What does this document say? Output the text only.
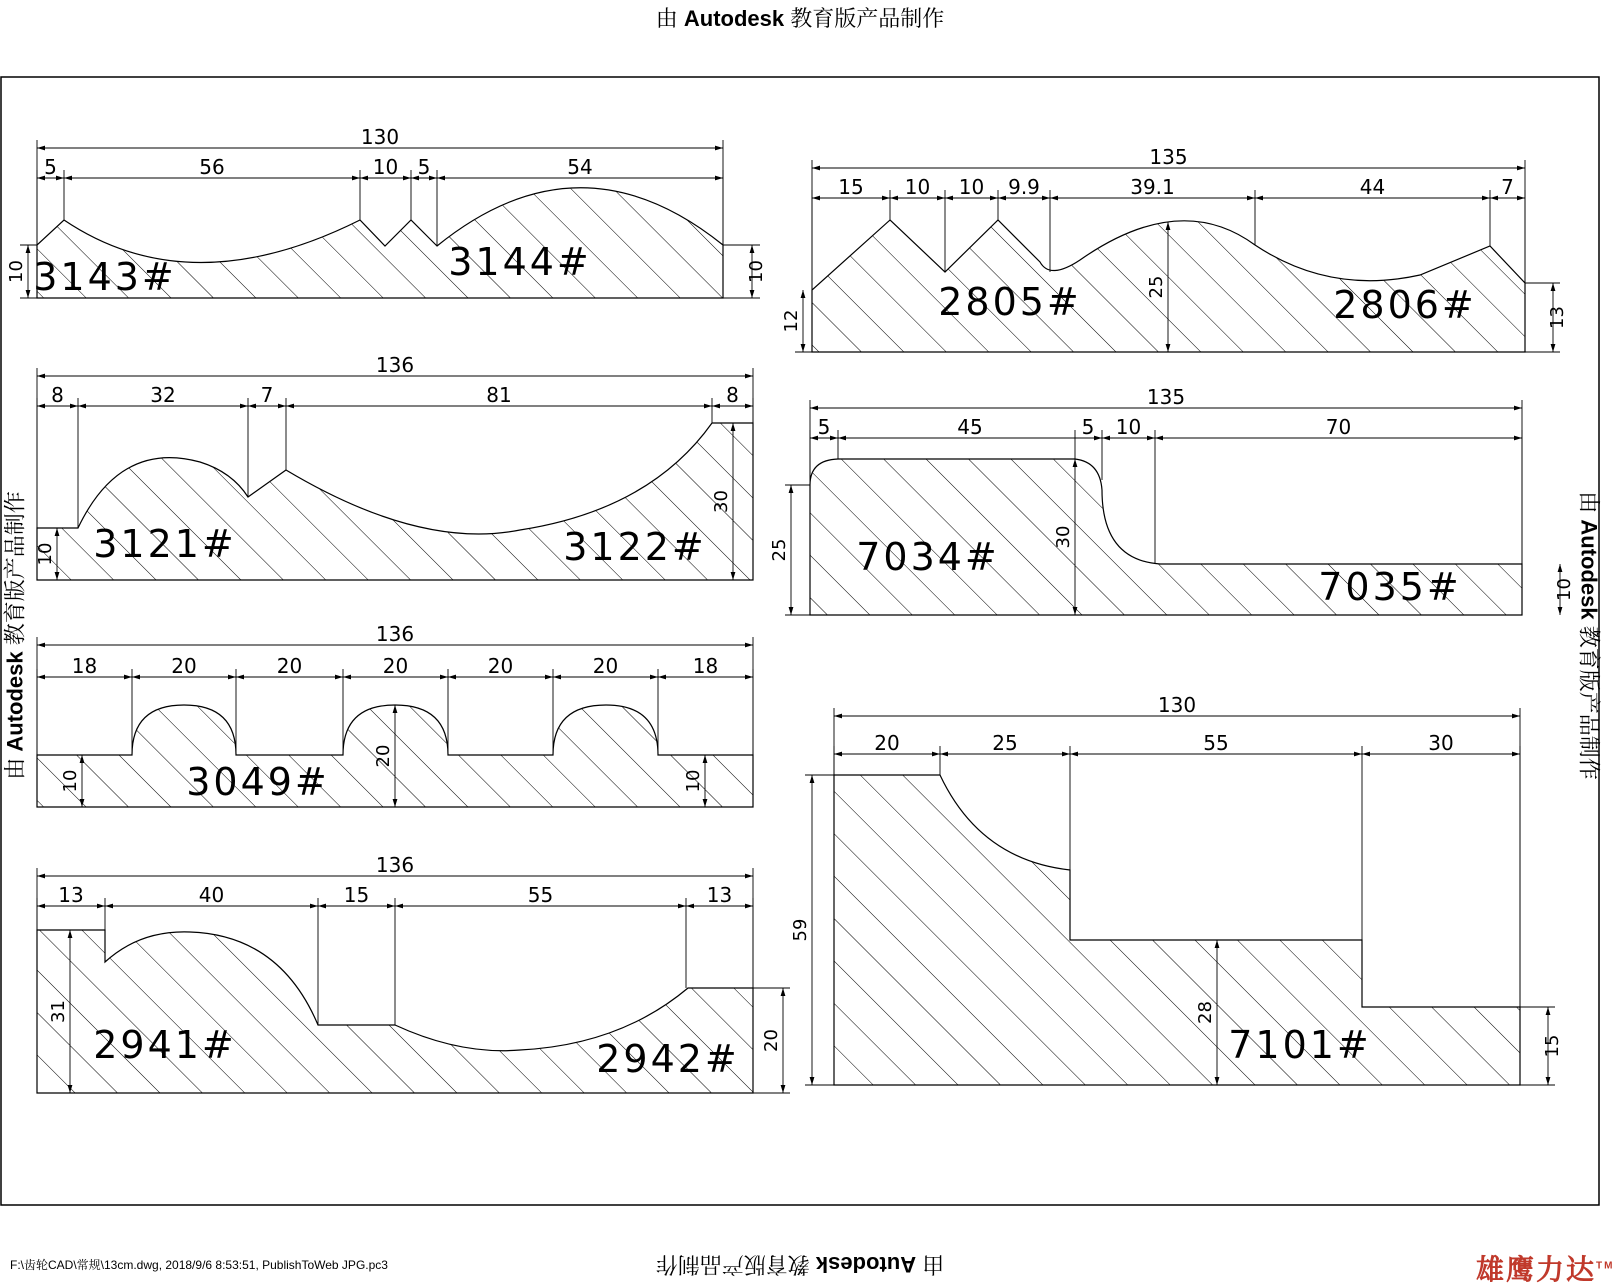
由 Autodesk 教育版产品制作
由 Autodesk 教育版产品制作
由 Autodesk 教育版产品制作	由 Autodesk 教育版产品制作
130
5	56	10 5	54
10	10
3143#	3144#
135
15 10 10 9.9	39.1	44	7
12
25
13
2805#	2806#
136
8	32	7	81	8
10
30
3121#	3122#
135
5	45	10	70
5
25
30
10
7034#
7035#
136
18	20	20	20	20	20	18
10
20
10
3049#
136
13	40	15	55	13
31
20
2941#	2942#
130
20	25	55	30
59
28
15
7101#
F:\齿轮CAD\常规\13cm.dwg, 2018/9/6 8:53:51, PublishToWeb JPG.pc3	雄鹰力达™
